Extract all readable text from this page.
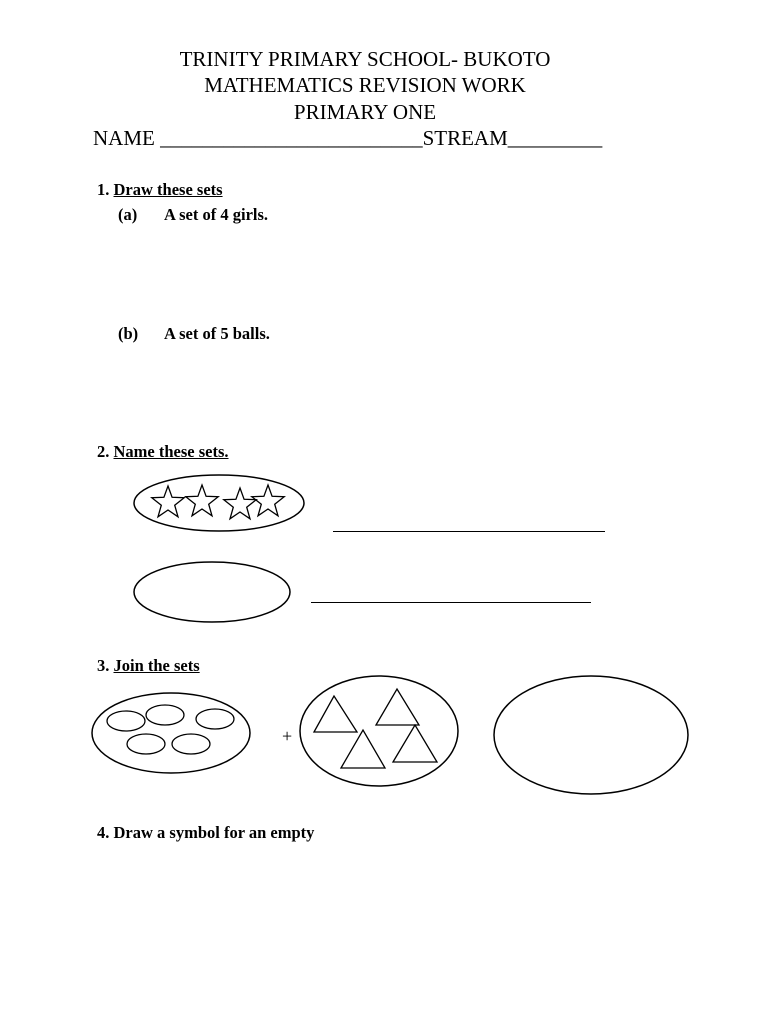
TRINITY PRIMARY SCHOOL- BUKOTO
MATHEMATICS REVISION WORK
PRIMARY ONE
NAME _________________________STREAM_________
1. Draw these sets
(a) A set of 4 girls.
(b) A set of 5 balls.
2. Name these sets.
3. Join the sets
+
4. Draw a symbol for an empty
